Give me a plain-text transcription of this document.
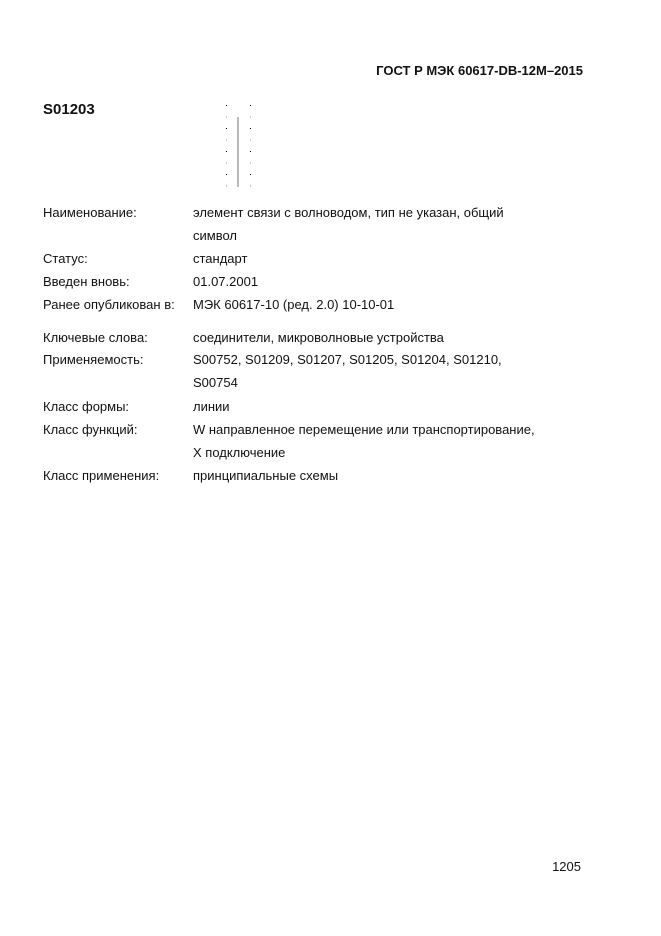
ГОСТ Р МЭК 60617-DB-12M–2015
S01203
Наименование:	элемент связи с волноводом, тип не указан, общий
символ
Статус:	стандарт
Введен вновь:	01.07.2001
Ранее опубликован в: МЭК 60617-10 (ред. 2.0) 10-10-01
Ключевые слова:	соединители, микроволновые устройства
Применяемость:	S00752, S01209, S01207, S01205, S01204, S01210,
S00754
Класс формы:	линии
Класс функций:	W направленное перемещение или транспортирование,
X подключение
Класс применения:	принципиальные схемы
1205
